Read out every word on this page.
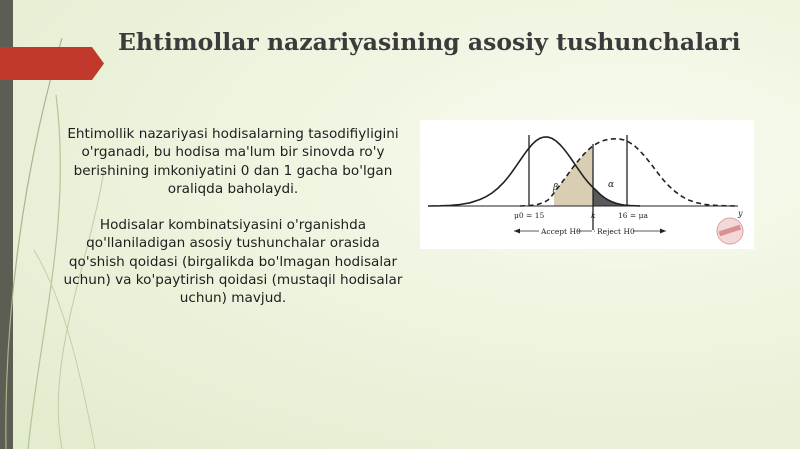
Ehtimollar nazariyasining asosiy tushunchalari

Ehtimollik nazariyasi hodisalarning tasodifiyligini o'rganadi, bu hodisa ma'lum bir sinovda ro'y berishining imkoniyatini 0 dan 1 gacha bo'lgan oraliqda baholaydi.

Hodisalar kombinatsiyasini o'rganishda qo'llaniladigan asosiy tushunchalar orasida qo'shish qoidasi (birgalikda bo'lmagan hodisalar uchun) va ko'paytirish qoidasi (mustaqil hodisalar uchun) mavjud.

β	α
μ0 = 15	k	16 = μa	y
Accept H0 Reject H0
